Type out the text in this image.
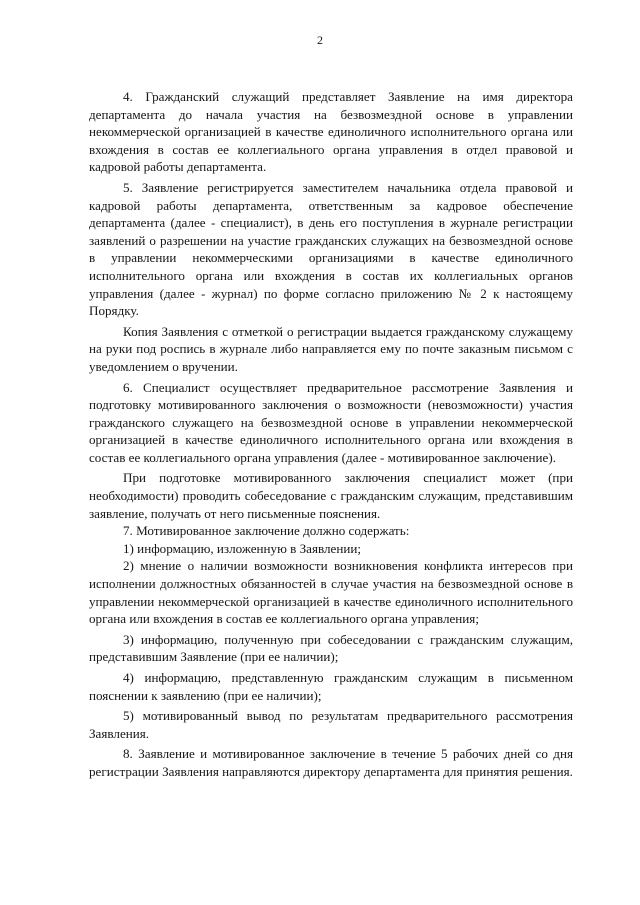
2

4. Гражданский служащий представляет Заявление на имя директора департамента до начала участия на безвозмездной основе в управлении некоммерческой организацией в качестве единоличного исполнительного органа или вхождения в состав ее коллегиального органа управления в отдел правовой и кадровой работы департамента.

5. Заявление регистрируется заместителем начальника отдела правовой и кадровой работы департамента, ответственным за кадровое обеспечение департамента (далее - специалист), в день его поступления в журнале регистрации заявлений о разрешении на участие гражданских служащих на безвозмездной основе в управлении некоммерческими организациями в качестве единоличного исполнительного органа или вхождения в состав их коллегиальных органов управления (далее - журнал) по форме согласно приложению № 2 к настоящему Порядку.

Копия Заявления с отметкой о регистрации выдается гражданскому служащему на руки под роспись в журнале либо направляется ему по почте заказным письмом с уведомлением о вручении.

6. Специалист осуществляет предварительное рассмотрение Заявления и подготовку мотивированного заключения о возможности (невозможности) участия гражданского служащего на безвозмездной основе в управлении некоммерческой организацией в качестве единоличного исполнительного органа или вхождения в состав ее коллегиального органа управления (далее - мотивированное заключение).

При подготовке мотивированного заключения специалист может (при необходимости) проводить собеседование с гражданским служащим, представившим заявление, получать от него письменные пояснения.

7. Мотивированное заключение должно содержать:

1) информацию, изложенную в Заявлении;

2) мнение о наличии возможности возникновения конфликта интересов при исполнении должностных обязанностей в случае участия на безвозмездной основе в управлении некоммерческой организацией в качестве единоличного исполнительного органа или вхождения в состав ее коллегиального органа управления;

3) информацию, полученную при собеседовании с гражданским служащим, представившим Заявление (при ее наличии);

4) информацию, представленную гражданским служащим в письменном пояснении к заявлению (при ее наличии);

5) мотивированный вывод по результатам предварительного рассмотрения Заявления.

8. Заявление и мотивированное заключение в течение 5 рабочих дней со дня регистрации Заявления направляются директору департамента для принятия решения.
